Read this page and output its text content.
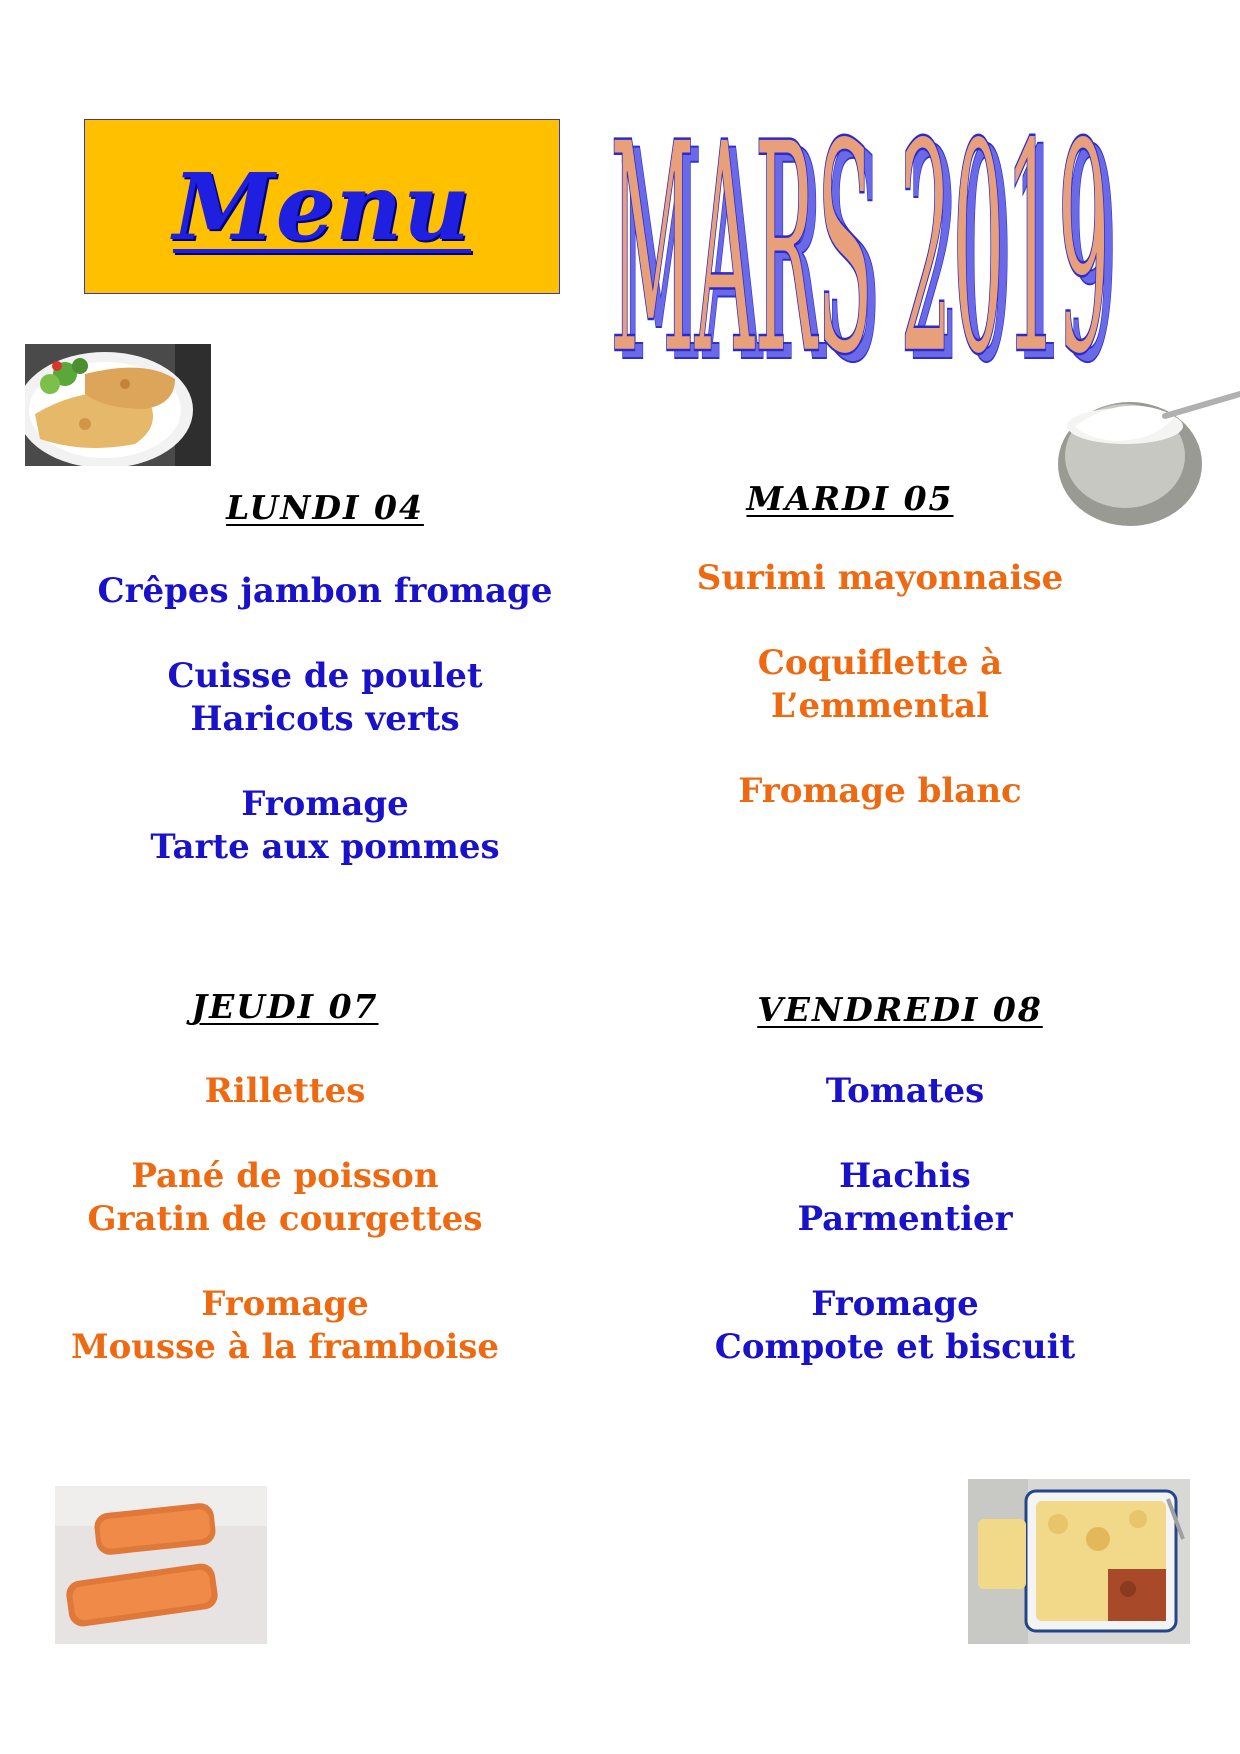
Menu MARS 2019
MARS 2019
LUNDI 04
Crêpes jambon fromage
Cuisse de poulet
Haricots verts
Fromage
Tarte aux pommes
MARDI 05
Surimi mayonnaise
Coquiflette à
L’emmental
Fromage blanc
JEUDI 07
Rillettes
Pané de poisson
Gratin de courgettes
Fromage
Mousse à la framboise
VENDREDI 08
Tomates
Hachis
Parmentier
Fromage
Compote et biscuit
